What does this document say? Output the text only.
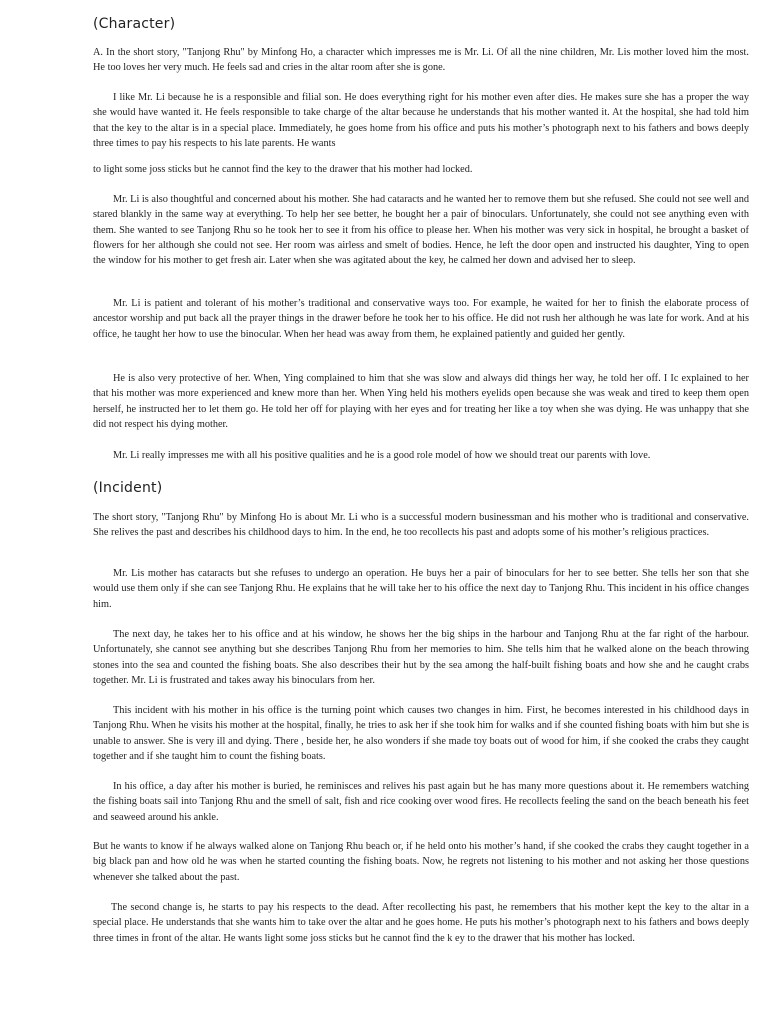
(Character)

A. In the short story, "Tanjong Rhu" by Minfong Ho, a character which impresses me is Mr. Li. Of all the nine children, Mr. Lis mother loved him the most. He too loves her very much. He feels sad and cries in the altar room after she is gone.

I like Mr. Li because he is a responsible and filial son. He does everything right for his mother even after dies. He makes sure she has a proper the way she would have wanted it. He feels responsible to take charge of the altar because he understands that his mother wanted it. At the hospital, she had told him that the key to the altar is in a special place. Immediately, he goes home from his office and puts his mother’s photograph next to his fathers and bows deeply three times to pay his respects to his late parents. He wants

to light some joss sticks but he cannot find the key to the drawer that his mother had locked.

Mr. Li is also thoughtful and concerned about his mother. She had cataracts and he wanted her to remove them but she refused. She could not see well and stared blankly in the same way at everything. To help her see better, he bought her a pair of binoculars. Unfortunately, she could not see anything even with them. She wanted to see Tanjong Rhu so he took her to see it from his office to please her. When his mother was very sick in hospital, he brought a basket of flowers for her although she could not see. Her room was airless and smelt of bodies. Hence, he left the door open and instructed his daughter, Ying to open the window for his mother to get fresh air. Later when she was agitated about the key, he calmed her down and advised her to sleep.

Mr. Li is patient and tolerant of his mother’s traditional and conservative ways too. For example, he waited for her to finish the elaborate process of ancestor worship and put back all the prayer things in the drawer before he took her to his office. He did not rush her although he was late for work. And at his office, he taught her how to use the binocular. When her head was away from them, he explained patiently and guided her gently.

He is also very protective of her. When, Ying complained to him that she was slow and always did things her way, he told her off. I Ic explained to her that his mother was more experienced and knew more than her. When Ying held his mothers eyelids open because she was weak and tired to keep them open herself, he instructed her to let them go. He told her off for playing with her eyes and for treating her like a toy when she was dying. He was unhappy that she did not respect his dying mother.

Mr. Li really impresses me with all his positive qualities and he is a good role model of how we should treat our parents with love.

(Incident)

The short story, "Tanjong Rhu" by Minfong Ho is about Mr. Li who is a successful modern businessman and his mother who is traditional and conservative. She relives the past and describes his childhood days to him. In the end, he too recollects his past and adopts some of his mother’s religious practices.

Mr. Lis mother has cataracts but she refuses to undergo an operation. He buys her a pair of binoculars for her to see better. She tells her son that she would use them only if she can see Tanjong Rhu. He explains that he will take her to his office the next day to Tanjong Rhu. This incident in his office changes him.

The next day, he takes her to his office and at his window, he shows her the big ships in the harbour and Tanjong Rhu at the far right of the harbour. Unfortunately, she cannot see anything but she describes Tanjong Rhu from her memories to him. She tells him that he walked alone on the beach throwing stones into the sea and counted the fishing boats. She also describes their hut by the sea among the half-built fishing boats and how she and he caught crabs together. Mr. Li is frustrated and takes away his binoculars from her.

This incident with his mother in his office is the turning point which causes two changes in him. First, he becomes interested in his childhood days in Tanjong Rhu. When he visits his mother at the hospital, finally, he tries to ask her if she took him for walks and if she counted fishing boats with him but she is unable to answer. She is very ill and dying. There , beside her, he also wonders if she made toy boats out of wood for him, if she cooked the crabs they caught together and if she taught him to count the fishing boats.

In his office, a day after his mother is buried, he reminisces and relives his past again but he has many more questions about it. He remembers watching the fishing boats sail into Tanjong Rhu and the smell of salt, fish and rice cooking over wood fires. He recollects feeling the sand on the beach beneath his feet and seaweed around his ankle.

But he wants to know if he always walked alone on Tanjong Rhu beach or, if he held onto his mother’s hand, if she cooked the crabs they caught together in a big black pan and how old he was when he started counting the fishing boats. Now, he regrets not listening to his mother and not asking her those questions whenever she talked about the past.

The second change is, he starts to pay his respects to the dead. After recollecting his past, he remembers that his mother kept the key to the altar in a special place. He understands that she wants him to take over the altar and he goes home. He puts his mother’s photograph next to his fathers and bows deeply three times in front of the altar. He wants light some joss sticks but he cannot find the k ey to the drawer that his mother has locked.
